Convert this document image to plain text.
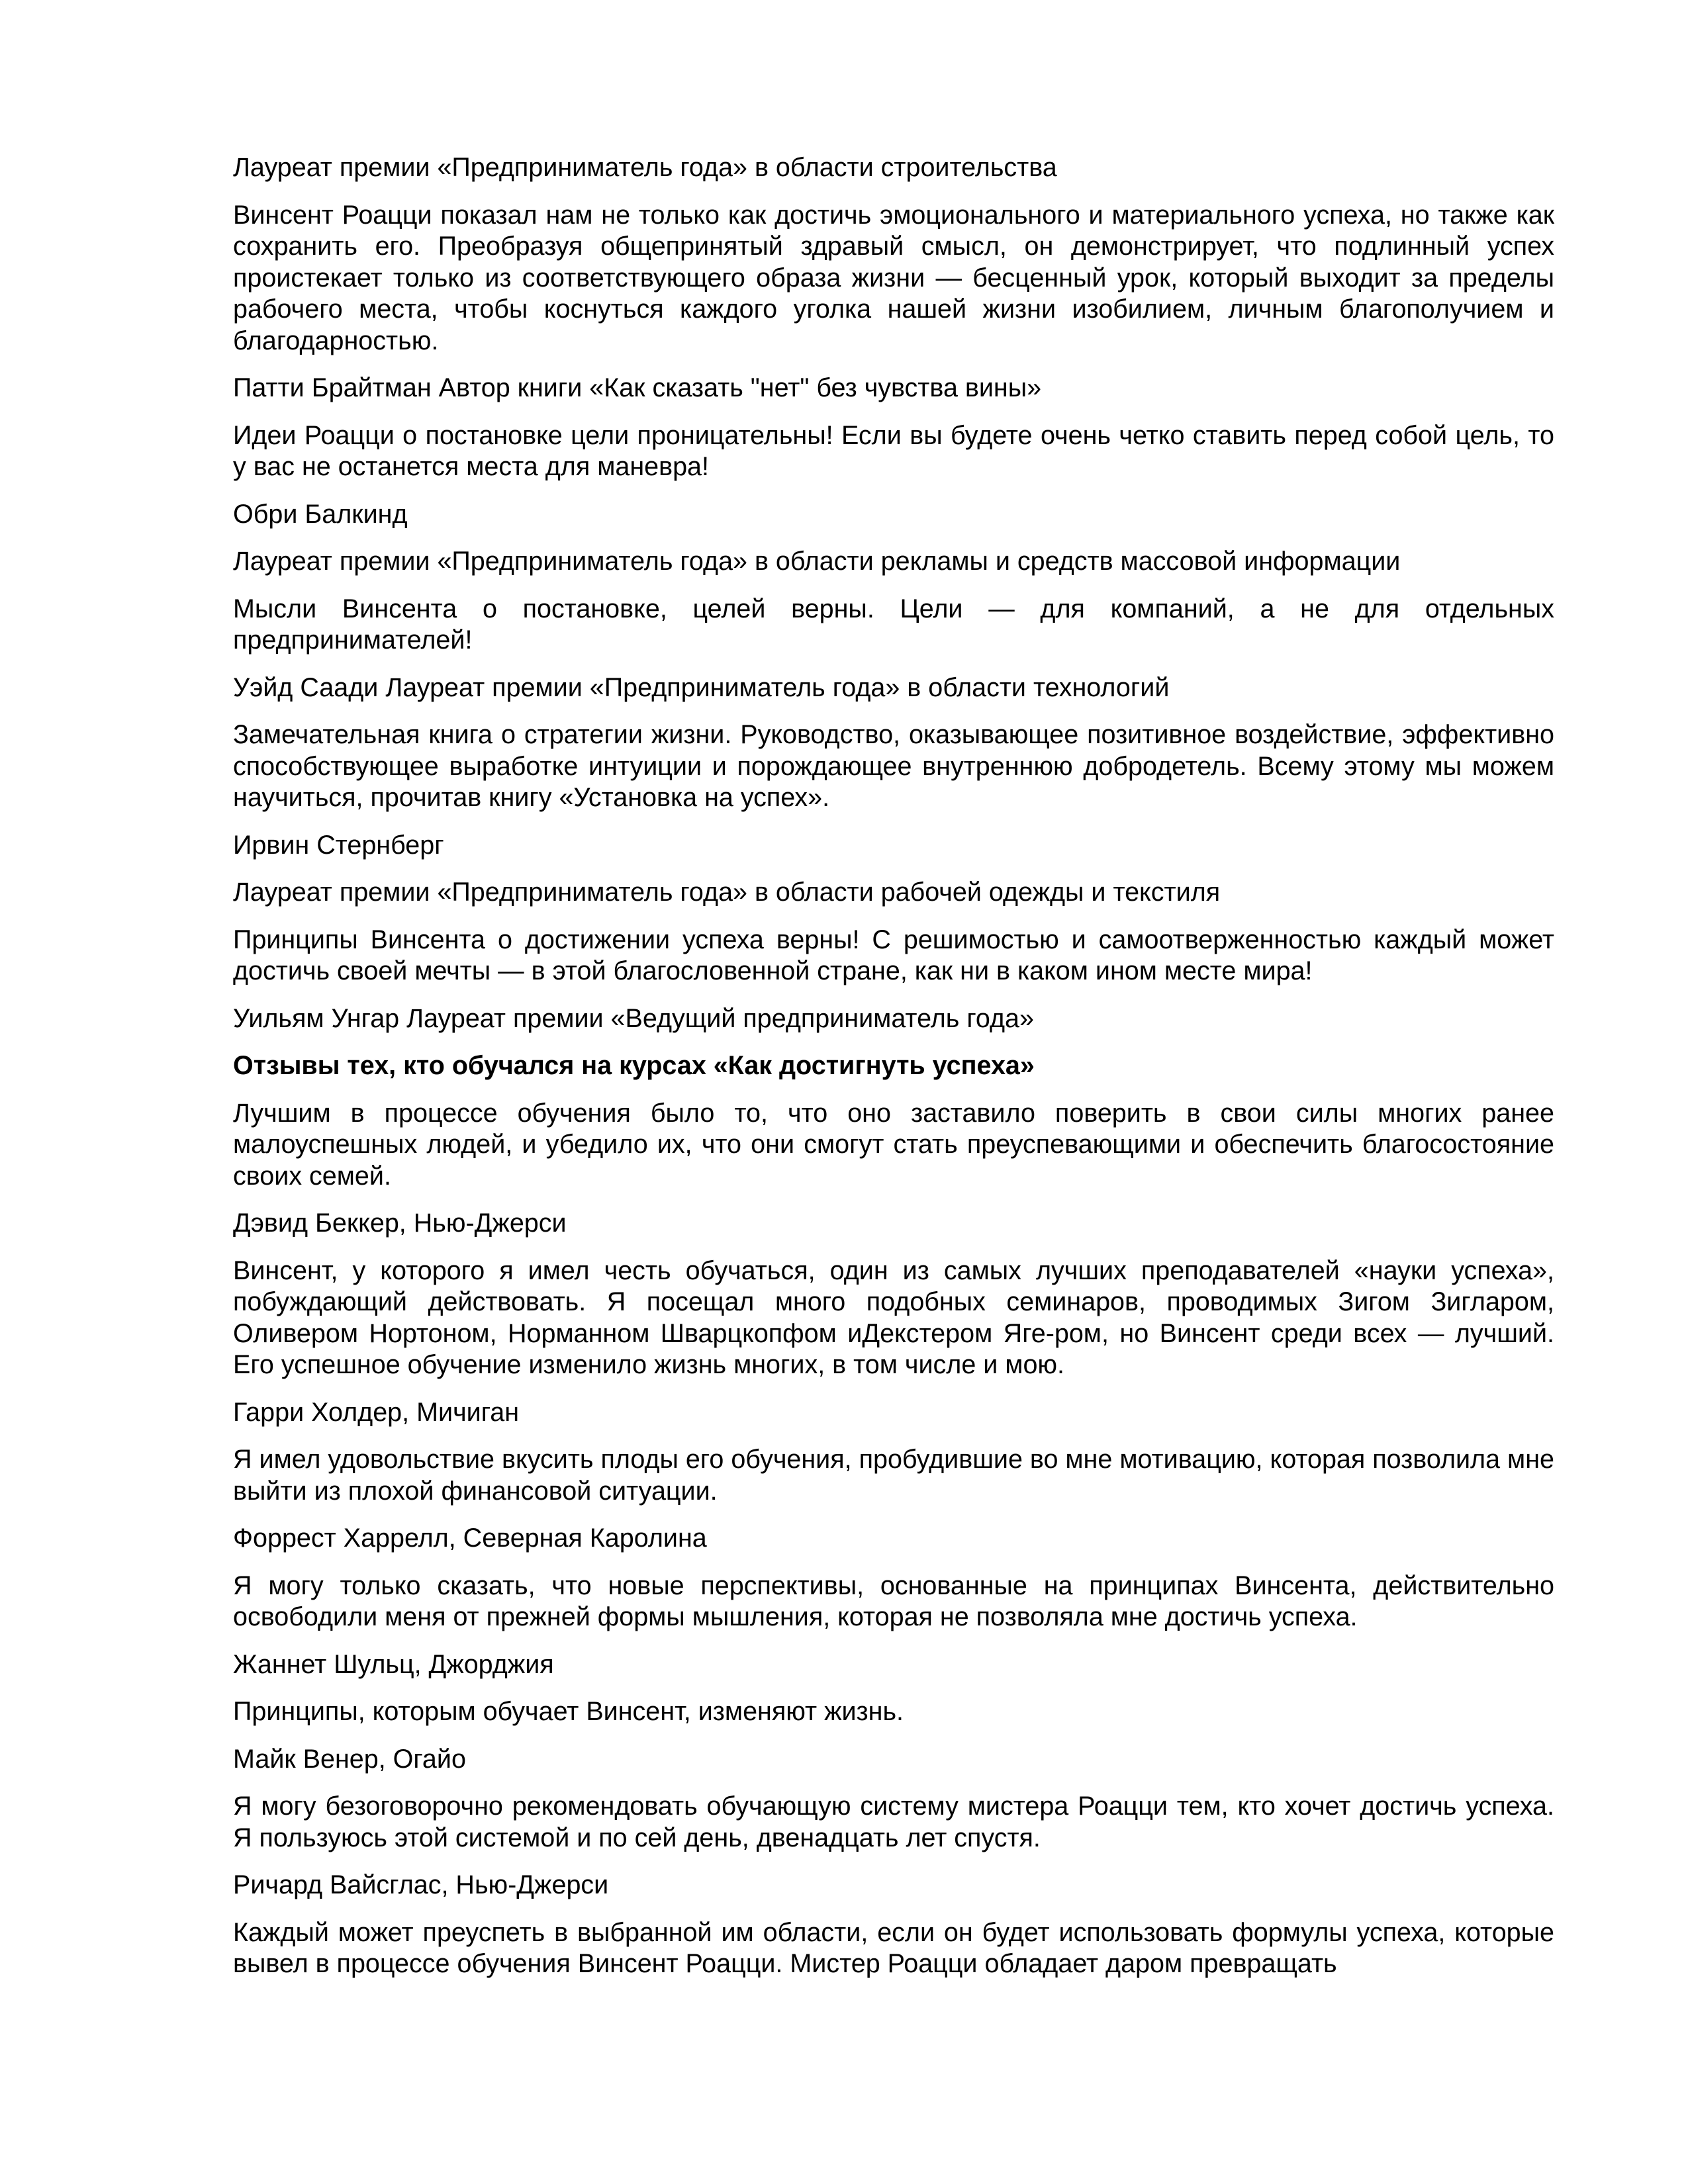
Лауреат премии «Предприниматель года» в области строительства

Винсент Роацци показал нам не только как достичь эмоционального и материального успеха, но также как сохранить его. Преобразуя общепринятый здравый смысл, он демонстрирует, что подлинный успех проистекает только из соответствующего образа жизни — бесценный урок, который выходит за пределы рабочего места, чтобы коснуться каждого уголка нашей жизни изобилием, личным благополучием и благодарностью.

Патти Брайтман Автор книги «Как сказать "нет" без чувства вины»

Идеи Роацци о постановке цели проницательны! Если вы будете очень четко ставить перед собой цель, то у вас не останется места для маневра!

Обри Балкинд

Лауреат премии «Предприниматель года» в области рекламы и средств массовой информации

Мысли Винсента о постановке, целей верны. Цели — для компаний, а не для отдельных предпринимателей!

Уэйд Саади Лауреат премии «Предприниматель года» в области технологий

Замечательная книга о стратегии жизни. Руководство, оказывающее позитивное воздействие, эффективно способствующее выработке интуиции и порождающее внутреннюю добродетель. Всему этому мы можем научиться, прочитав книгу «Установка на успех».

Ирвин Стернберг

Лауреат премии «Предприниматель года» в области рабочей одежды и текстиля

Принципы Винсента о достижении успеха верны! С решимостью и самоотверженностью каждый может достичь своей мечты — в этой благословенной стране, как ни в каком ином месте мира!

Уильям Унгар Лауреат премии «Ведущий предприниматель года»

Отзывы тех, кто обучался на курсах «Как достигнуть успеха»

Лучшим в процессе обучения было то, что оно заставило поверить в свои силы многих ранее малоуспешных людей, и убедило их, что они смогут стать преуспевающими и обеспечить благосостояние своих семей.

Дэвид Беккер, Нью-Джерси

Винсент, у которого я имел честь обучаться, один из самых лучших преподавателей «науки успеха», побуждающий действовать. Я посещал много подобных семинаров, проводимых Зигом Зигларом, Оливером Нортоном, Норманном Шварцкопфом иДекстером Яге-ром, но Винсент среди всех — лучший. Его успешное обучение изменило жизнь многих, в том числе и мою.

Гарри Холдер, Мичиган

Я имел удовольствие вкусить плоды его обучения, пробудившие во мне мотивацию, которая позволила мне выйти из плохой финансовой ситуации.

Форрест Харрелл, Северная Каролина

Я могу только сказать, что новые перспективы, основанные на принципах Винсента, действительно освободили меня от прежней формы мышления, которая не позволяла мне достичь успеха.

Жаннет Шульц, Джорджия

Принципы, которым обучает Винсент, изменяют жизнь.

Майк Венер, Огайо

Я могу безоговорочно рекомендовать обучающую систему мистера Роацци тем, кто хочет достичь успеха. Я пользуюсь этой системой и по сей день, двенадцать лет спустя.

Ричард Вайсглас, Нью-Джерси

Каждый может преуспеть в выбранной им области, если он будет использовать формулы успеха, которые вывел в процессе обучения Винсент Роацци. Мистер Роацци обладает даром превращать
